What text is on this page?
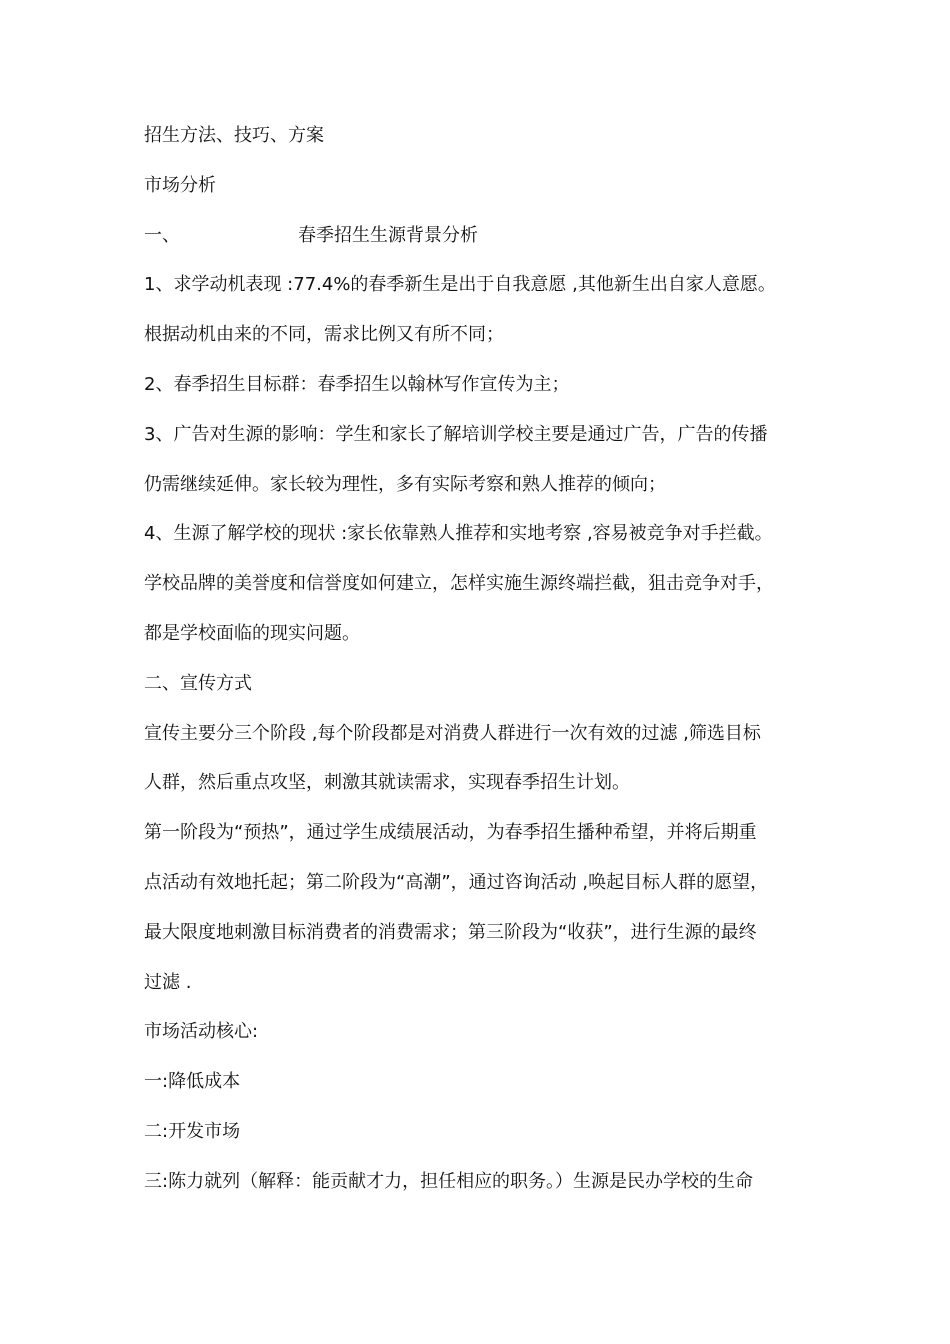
招生方法、技巧、方案
市场分析
一、	春季招生生源背景分析
1、求学动机表现 :77.4%的春季新生是出于自我意愿 ,其他新生出自家人意愿。
根据动机由来的不同，需求比例又有所不同；
2、春季招生目标群：春季招生以翰林写作宣传为主；
3、广告对生源的影响：学生和家长了解培训学校主要是通过广告，广告的传播
仍需继续延伸。家长较为理性，多有实际考察和熟人推荐的倾向；
4、生源了解学校的现状 :家长依靠熟人推荐和实地考察 ,容易被竞争对手拦截。
学校品牌的美誉度和信誉度如何建立，怎样实施生源终端拦截，狙击竞争对手，
都是学校面临的现实问题。
二、宣传方式
宣传主要分三个阶段 ,每个阶段都是对消费人群进行一次有效的过滤 ,筛选目标
人群，然后重点攻坚，刺激其就读需求，实现春季招生计划。
第一阶段为“预热”，通过学生成绩展活动，为春季招生播种希望，并将后期重
点活动有效地托起；第二阶段为“高潮”，通过咨询活动 ,唤起目标人群的愿望，
最大限度地刺激目标消费者的消费需求；第三阶段为“收获”，进行生源的最终
过滤 .
市场活动核心:
一:降低成本
二:开发市场
三:陈力就列（解释：能贡献才力，担任相应的职务。）生源是民办学校的生命
